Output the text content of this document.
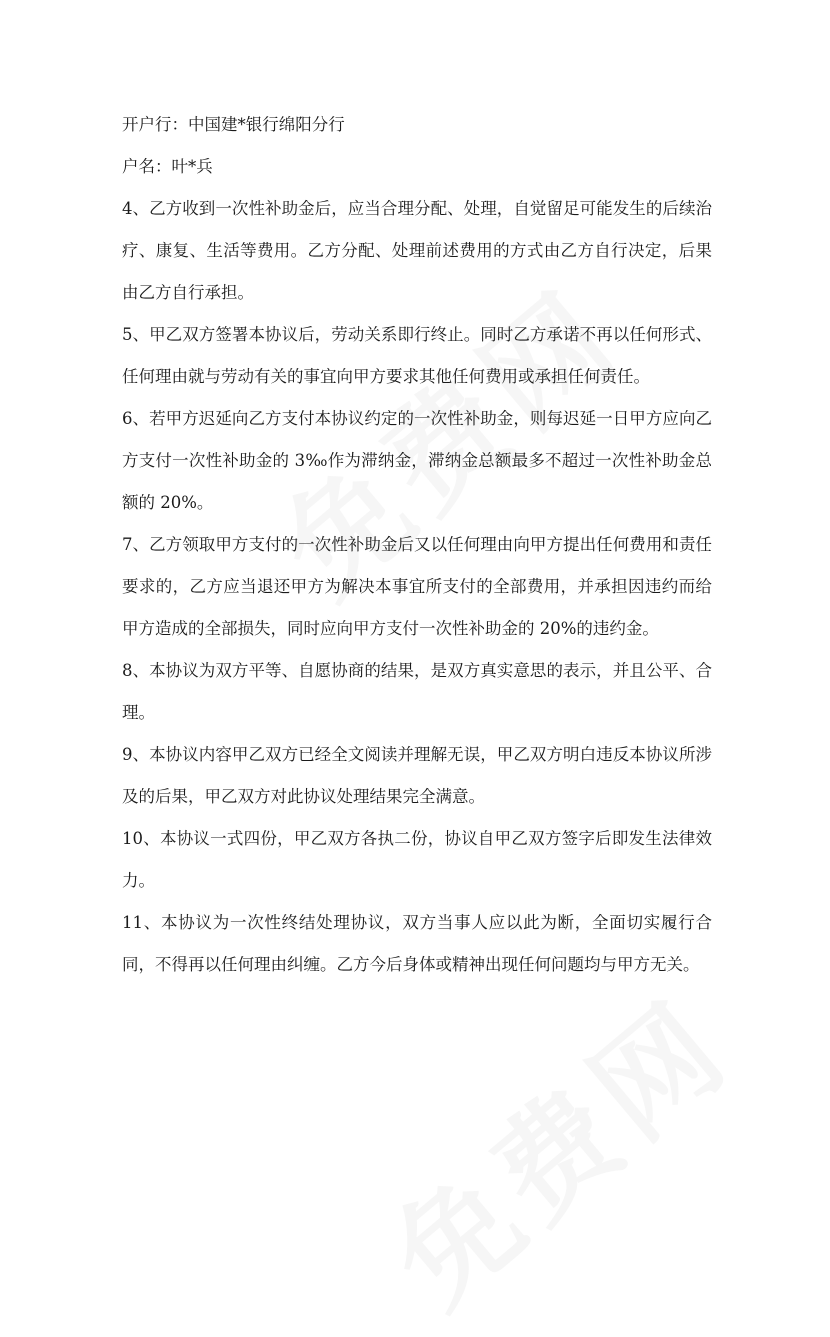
开户行：中国建*银行绵阳分行

户名：叶*兵

4、乙方收到一次性补助金后，应当合理分配、处理，自觉留足可能发生的后续治疗、康复、生活等费用。乙方分配、处理前述费用的方式由乙方自行决定，后果由乙方自行承担。

5、甲乙双方签署本协议后，劳动关系即行终止。同时乙方承诺不再以任何形式、任何理由就与劳动有关的事宜向甲方要求其他任何费用或承担任何责任。

6、若甲方迟延向乙方支付本协议约定的一次性补助金，则每迟延一日甲方应向乙方支付一次性补助金的 3‰作为滞纳金，滞纳金总额最多不超过一次性补助金总额的 20%。

7、乙方领取甲方支付的一次性补助金后又以任何理由向甲方提出任何费用和责任要求的，乙方应当退还甲方为解决本事宜所支付的全部费用，并承担因违约而给甲方造成的全部损失，同时应向甲方支付一次性补助金的 20%的违约金。

8、本协议为双方平等、自愿协商的结果，是双方真实意思的表示，并且公平、合理。

9、本协议内容甲乙双方已经全文阅读并理解无误，甲乙双方明白违反本协议所涉及的后果，甲乙双方对此协议处理结果完全满意。

10、本协议一式四份，甲乙双方各执二份，协议自甲乙双方签字后即发生法律效力。

11、本协议为一次性终结处理协议，双方当事人应以此为断，全面切实履行合同，不得再以任何理由纠缠。乙方今后身体或精神出现任何问题均与甲方无关。
